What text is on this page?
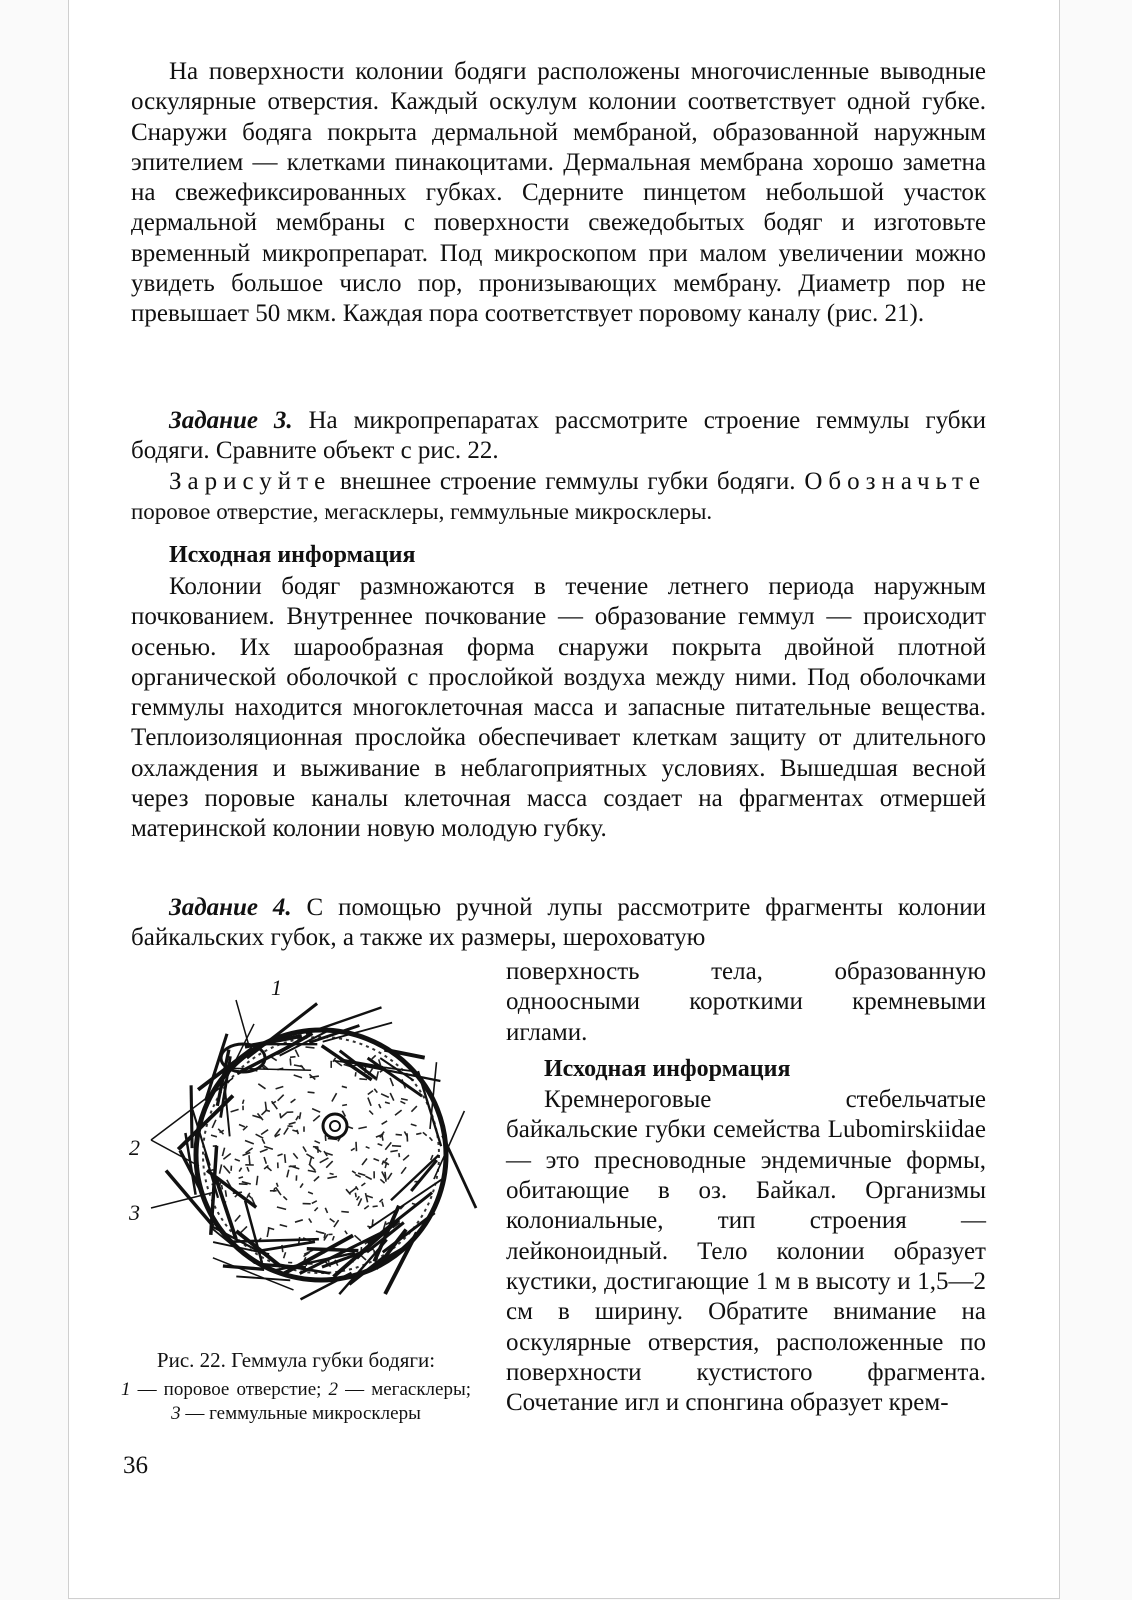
На поверхности колонии бодяги расположены многочисленные выводные оскулярные отверстия. Каждый оскулум колонии соответствует одной губке. Снаружи бодяга покрыта дермальной мембраной, образованной наружным эпителием — клетками пинакоцитами. Дермальная мембрана хорошо заметна на свежефиксированных губках. Сдерните пинцетом небольшой участок дермальной мембраны с поверхности свежедобытых бодяг и изготовьте временный микропрепарат. Под микроскопом при малом увеличении можно увидеть большое число пор, пронизывающих мембрану. Диаметр пор не превышает 50 мкм. Каждая пора соответствует поровому каналу (рис. 21).

Задание 3. На микропрепаратах рассмотрите строение геммулы губки бодяги. Сравните объект с рис. 22.

Зарисуйте внешнее строение геммулы губки бодяги. Обозначьте поровое отверстие, мегасклеры, геммульные микросклеры.

Исходная информация

Колонии бодяг размножаются в течение летнего периода наружным почкованием. Внутреннее почкование — образование геммул — происходит осенью. Их шарообразная форма снаружи покрыта двойной плотной органической оболочкой с прослойкой воздуха между ними. Под оболочками геммулы находится многоклеточная масса и запасные питательные вещества. Теплоизоляционная прослойка обеспечивает клеткам защиту от длительного охлаждения и выживание в неблагоприятных условиях. Вышедшая весной через поровые каналы клеточная масса создает на фрагментах отмершей материнской колонии новую молодую губку.

Задание 4. С помощью ручной лупы рассмотрите фрагменты колонии байкальских губок, а также их размеры, шероховатую

поверхность тела, образованную одноосными короткими кремневыми иглами.

Исходная информация

Кремнероговые стебельчатые байкальские губки семейства Lubomirskiidae — это пресноводные эндемичные формы, обитающие в оз. Байкал. Организмы колониальные, тип строения — лейконоидный. Тело колонии образует кустики, достигающие 1 м в высоту и 1,5—2 см в ширину. Обратите внимание на оскулярные отверстия, расположенные по поверхности кустистого фрагмента. Сочетание игл и спонгина образует крем-

1
2
3
Рис. 22. Геммула губки бодяги:
1 — поровое отверстие; 2 — мегасклеры; 3 — геммульные микросклеры
36
